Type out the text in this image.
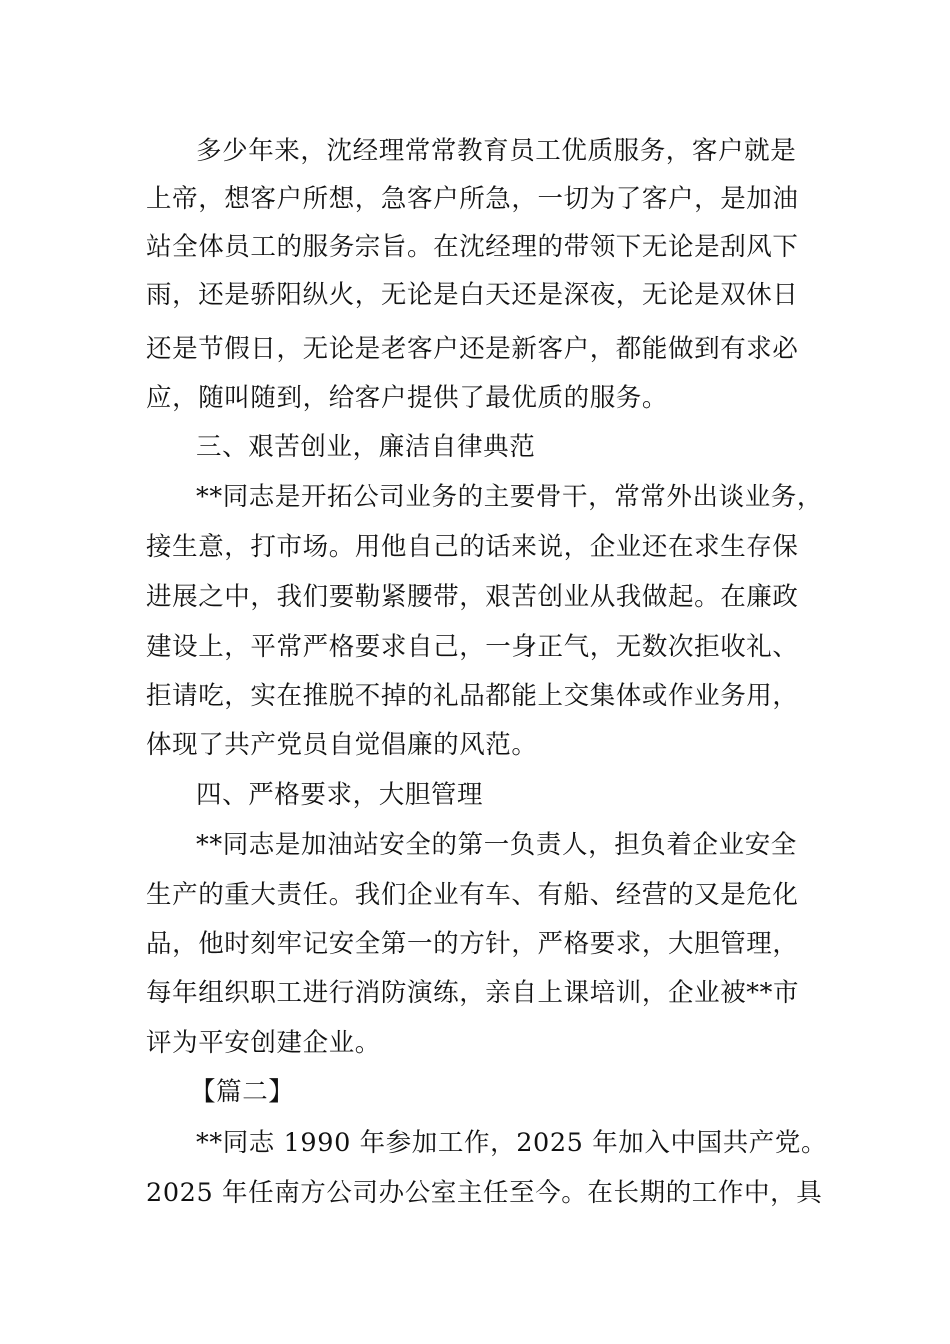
多少年来，沈经理常常教育员工优质服务，客户就是
上帝，想客户所想，急客户所急，一切为了客户，是加油
站全体员工的服务宗旨。在沈经理的带领下无论是刮风下
雨，还是骄阳纵火，无论是白天还是深夜，无论是双休日
还是节假日，无论是老客户还是新客户，都能做到有求必
应，随叫随到，给客户提供了最优质的服务。
三、艰苦创业，廉洁自律典范
**同志是开拓公司业务的主要骨干，常常外出谈业务，
接生意，打市场。用他自己的话来说，企业还在求生存保
进展之中，我们要勒紧腰带，艰苦创业从我做起。在廉政
建设上，平常严格要求自己，一身正气，无数次拒收礼、
拒请吃，实在推脱不掉的礼品都能上交集体或作业务用，
体现了共产党员自觉倡廉的风范。
四、严格要求，大胆管理
**同志是加油站安全的第一负责人，担负着企业安全
生产的重大责任。我们企业有车、有船、经营的又是危化
品，他时刻牢记安全第一的方针，严格要求，大胆管理，
每年组织职工进行消防演练，亲自上课培训，企业被**市
评为平安创建企业。
【篇二】
**同志 1990 年参加工作，2025 年加入中国共产党。
2025 年任南方公司办公室主任至今。在长期的工作中，具
